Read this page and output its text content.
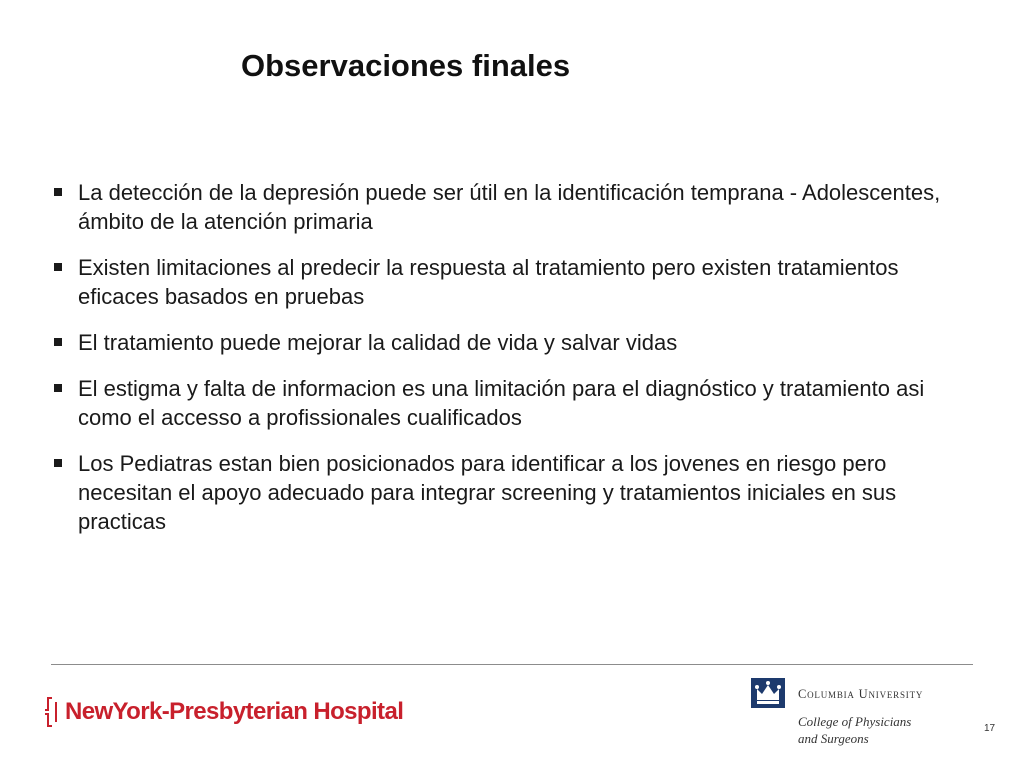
Observaciones finales
La detección de la depresión puede ser útil en la identificación temprana - Adolescentes, ámbito de la atención primaria
Existen limitaciones al predecir la respuesta al tratamiento pero existen tratamientos eficaces basados en pruebas
El tratamiento puede mejorar la calidad de vida y salvar vidas
El estigma y falta de informacion es una limitación para el diagnóstico y tratamiento asi como el accesso a profissionales cualificados
Los Pediatras estan bien posicionados para identificar a los jovenes en riesgo pero necesitan el apoyo adecuado para integrar screening y tratamientos iniciales en sus practicas
NewYork-Presbyterian Hospital
Columbia University
College of Physicians
and Surgeons
17
